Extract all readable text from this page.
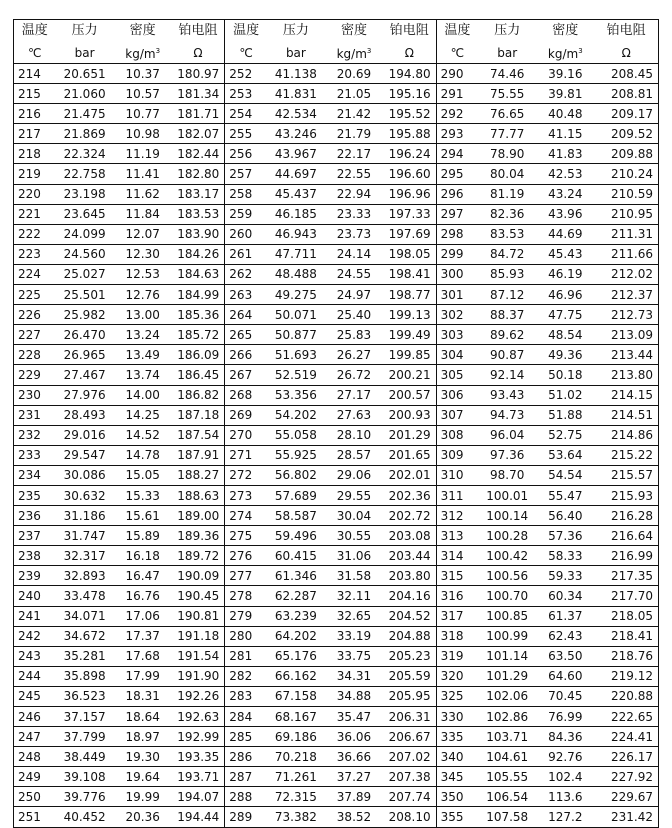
温度	压力	密度	铂电阻	温度	压力	密度	铂电阻	温度	压力	密度	铂电阻
℃	bar	$kg/m^3$	Ω	℃	bar	$kg/m^3$	Ω	℃	bar	$kg/m^3$	Ω
214	20.651	10.37	180.97	252	41.138	20.69	194.80	290	74.46	39.16	208.45
215	21.060	10.57	181.34	253	41.831	21.05	195.16	291	75.55	39.81	208.81
216	21.475	10.77	181.71	254	42.534	21.42	195.52	292	76.65	40.48	209.17
217	21.869	10.98	182.07	255	43.246	21.79	195.88	293	77.77	41.15	209.52
218	22.324	11.19	182.44	256	43.967	22.17	196.24	294	78.90	41.83	209.88
219	22.758	11.41	182.80	257	44.697	22.55	196.60	295	80.04	42.53	210.24
220	23.198	11.62	183.17	258	45.437	22.94	196.96	296	81.19	43.24	210.59
221	23.645	11.84	183.53	259	46.185	23.33	197.33	297	82.36	43.96	210.95
222	24.099	12.07	183.90	260	46.943	23.73	197.69	298	83.53	44.69	211.31
223	24.560	12.30	184.26	261	47.711	24.14	198.05	299	84.72	45.43	211.66
224	25.027	12.53	184.63	262	48.488	24.55	198.41	300	85.93	46.19	212.02
225	25.501	12.76	184.99	263	49.275	24.97	198.77	301	87.12	46.96	212.37
226	25.982	13.00	185.36	264	50.071	25.40	199.13	302	88.37	47.75	212.73
227	26.470	13.24	185.72	265	50.877	25.83	199.49	303	89.62	48.54	213.09
228	26.965	13.49	186.09	266	51.693	26.27	199.85	304	90.87	49.36	213.44
229	27.467	13.74	186.45	267	52.519	26.72	200.21	305	92.14	50.18	213.80
230	27.976	14.00	186.82	268	53.356	27.17	200.57	306	93.43	51.02	214.15
231	28.493	14.25	187.18	269	54.202	27.63	200.93	307	94.73	51.88	214.51
232	29.016	14.52	187.54	270	55.058	28.10	201.29	308	96.04	52.75	214.86
233	29.547	14.78	187.91	271	55.925	28.57	201.65	309	97.36	53.64	215.22
234	30.086	15.05	188.27	272	56.802	29.06	202.01	310	98.70	54.54	215.57
235	30.632	15.33	188.63	273	57.689	29.55	202.36	311	100.01	55.47	215.93
236	31.186	15.61	189.00	274	58.587	30.04	202.72	312	100.14	56.40	216.28
237	31.747	15.89	189.36	275	59.496	30.55	203.08	313	100.28	57.36	216.64
238	32.317	16.18	189.72	276	60.415	31.06	203.44	314	100.42	58.33	216.99
239	32.893	16.47	190.09	277	61.346	31.58	203.80	315	100.56	59.33	217.35
240	33.478	16.76	190.45	278	62.287	32.11	204.16	316	100.70	60.34	217.70
241	34.071	17.06	190.81	279	63.239	32.65	204.52	317	100.85	61.37	218.05
242	34.672	17.37	191.18	280	64.202	33.19	204.88	318	100.99	62.43	218.41
243	35.281	17.68	191.54	281	65.176	33.75	205.23	319	101.14	63.50	218.76
244	35.898	17.99	191.90	282	66.162	34.31	205.59	320	101.29	64.60	219.12
245	36.523	18.31	192.26	283	67.158	34.88	205.95	325	102.06	70.45	220.88
246	37.157	18.64	192.63	284	68.167	35.47	206.31	330	102.86	76.99	222.65
247	37.799	18.97	192.99	285	69.186	36.06	206.67	335	103.71	84.36	224.41
248	38.449	19.30	193.35	286	70.218	36.66	207.02	340	104.61	92.76	226.17
249	39.108	19.64	193.71	287	71.261	37.27	207.38	345	105.55	102.4	227.92
250	39.776	19.99	194.07	288	72.315	37.89	207.74	350	106.54	113.6	229.67
251	40.452	20.36	194.44	289	73.382	38.52	208.10	355	107.58	127.2	231.42
